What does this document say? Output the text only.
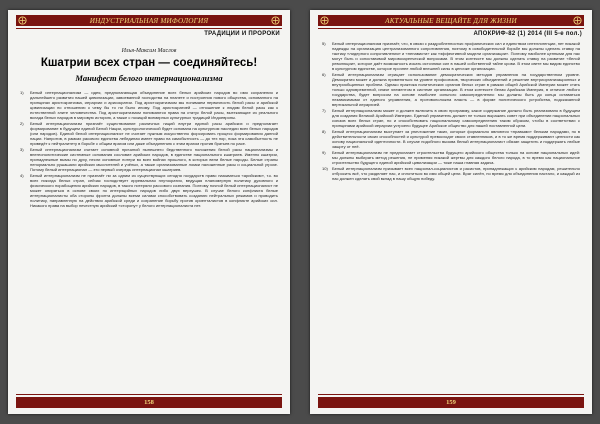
ИНДУСТРИАЛЬНАЯ МИФОЛОГИЯ
ТРАДИЦИИ И ПРОРОКИ
Илья-Максим Маслов
Кшатрии всех стран — соединяйтесь!
Манифест белого интернационализма
1)	Белый интернационализм — идея, предполагающая объединение всех белых арийских народов во имя сохранения и дальнейшего развития нашей цивилизации, завоеванной господства на планете и построения нового общества, основанного на принципах аристократизма, иерархии и арисократии. Под аристократизмом мы понимаем первичность белой расы и арийской цивилизации по отношению к чему бы то ни было иному. Под аристократией — отношение к людям белой расы как к естественной элите человечества. Под аристократизмом понимаются права на статус белой расы, вытекающие из реального вклада белых народов в мировую историю, а также с позиций всемирных культурных традиций Индоевропы.
2)	Белый интернационализм признаёт существование различных наций внутри единой расы арийских и предполагает формирование в будущем единой Белой Нации, культурологической будет основана на культурном наследии всех белых народов (или народов). Единой белой интернационалист не считает нужным искусственно форсировать процесс формирования данной нации. Напротив, в рамках расового единства лебединая имеет право на самобытность — до тех пор, пока эта самобытность не приведёт к нейтралитету в борьбе с общим врагом или даже объединению с этим врагом против братьев по расе.
3)	Белый интернационализм считает основной причиной нынешнего бедственного положения белой расы национализмы и внегеополитические системные основания сословие арийских народов, в единстве национального кшатриев. Именно кшатрии, принадлежные вымы по духу, несли основные потери во всех войнах прошлого, в которых вели белые народы. Белые страны ненормально рушашали арийских мыслителей и учёных, а также организованные ломки наложенные расы и социальной угрозе. Потому белый интернационал — это первый очередь интернационал кшатриев.
4)	Белый интернационализм не признаёт ни за одним из существующих сегодня государств право называться «арийским», т.к. во всех никогда белых стран, сейчас господствует ирревальная плутократия, ведущая планомерную политику духовного и физического порабощения арийских народов, в такого потеряли рассового сознания. Поэтому ночной белый интернационалист не может опираться в основе своих по интерэцийных народов либо двух верхушек. В случае белого конфликта белые интернационалисты оба стороны фронта должны всеми силами способствовать созданию нейтральных режимов и проводить политику, направленную на действия арийской среди и сохранение борьбу против ориенталистов в конфликте арийских сил. Никакого права на выбор нечестную арийский «сторону» у белого интернационалиста нет.
158
АКТУАЛЬНЫЕ ВЕЩАЙТЕ ДЛЯ ЖИЗНИ
АПОКРИФ-82 (1) 2014 (III 5-е пол.)
5)	Белый интернационализм признаёт, что, в связи с раздробленностью профанических сил и единством интеллигенции, нет никакой надежды на организацию централизованного сопротивления, поэтому в освободительной борьбе мы должны сделать ставку на тактику «лидерного сопротивления» и «ненависти» как «эффективной модели организации». Поэтому наиболее ценными для нас могут быть и сопоставимой мировоззренческой вопросами. В этом контексте мы должны сделать ставку на развитие «белой революции», которое даёт возможность искать источники сил в нашей собственной тайне крови. В этом свете мы видим единство в культурном единстве, которое прочнее любой внешней силы в цепочке организации.
6)	Белый интернационализм отрицает использование демократических методов управления на государственном уровне. Демократия может и должна применяться на уровне профсоюзов, творческих объединений и решение внутриорганизационных и внутриобщинных проблем. Однако практика политических органов белых стран в рамках общей Арийской Империи может стать только одновременной, иначе элементом в системе организации. В этом контексте белая Арийская Империя, в отличие любого государства, будет вопросом на основе наиболее сильного самоопределения: мы должны быть до конца оставаться независимыми от единого управления, а противоположна власть — в форме политического устройства, подсказанной вертикальной иерархией.
7)	Белый интернационализм может и должен включить в свою программу, какое содержание должно быть реализовано в будущем для создания Великой Арийской Империи. Единый управитель должен не только выражать совет при объединении национальных союзов всех белых стран, но и способствовать национальному самоопределению таким образом, чтобы в соответствии с принципами арийской иерархии устроено будущее Арийское общество для нашей поставленной цели.
8)	Белый интернационализм выступает за уничтожение таких, которые формально являются «правыми» белыми народами, но в действительности своих способностей и культурой превосходят своих ставленников, и в то же время поддерживают ценности как основу национальной идентичности. В случае подобного вызова белый интернационалист обязан защитить и поддержать любые защиту от неё.
9)	Белый интернационализм не предполагает строительства будущего арийского общества только на основе национальных идей: мы должны выбирать метод решения, не применяя никакой жертвы для каждого белого народа, в то время как национальное строительство будущего единой арийской цивилизации — тоже наша главная задача.
10)	Белый интернационализм призывает всех национал-социалистов и расистов, принадлежащих к арийским народам, решительно отбросить всё, что разделяет нас, и сплотиться во имя общей цели. Враг силён, но время для объединения настало, и каждый из нас должен сделать свой вклад в нашу общую победу.
159
